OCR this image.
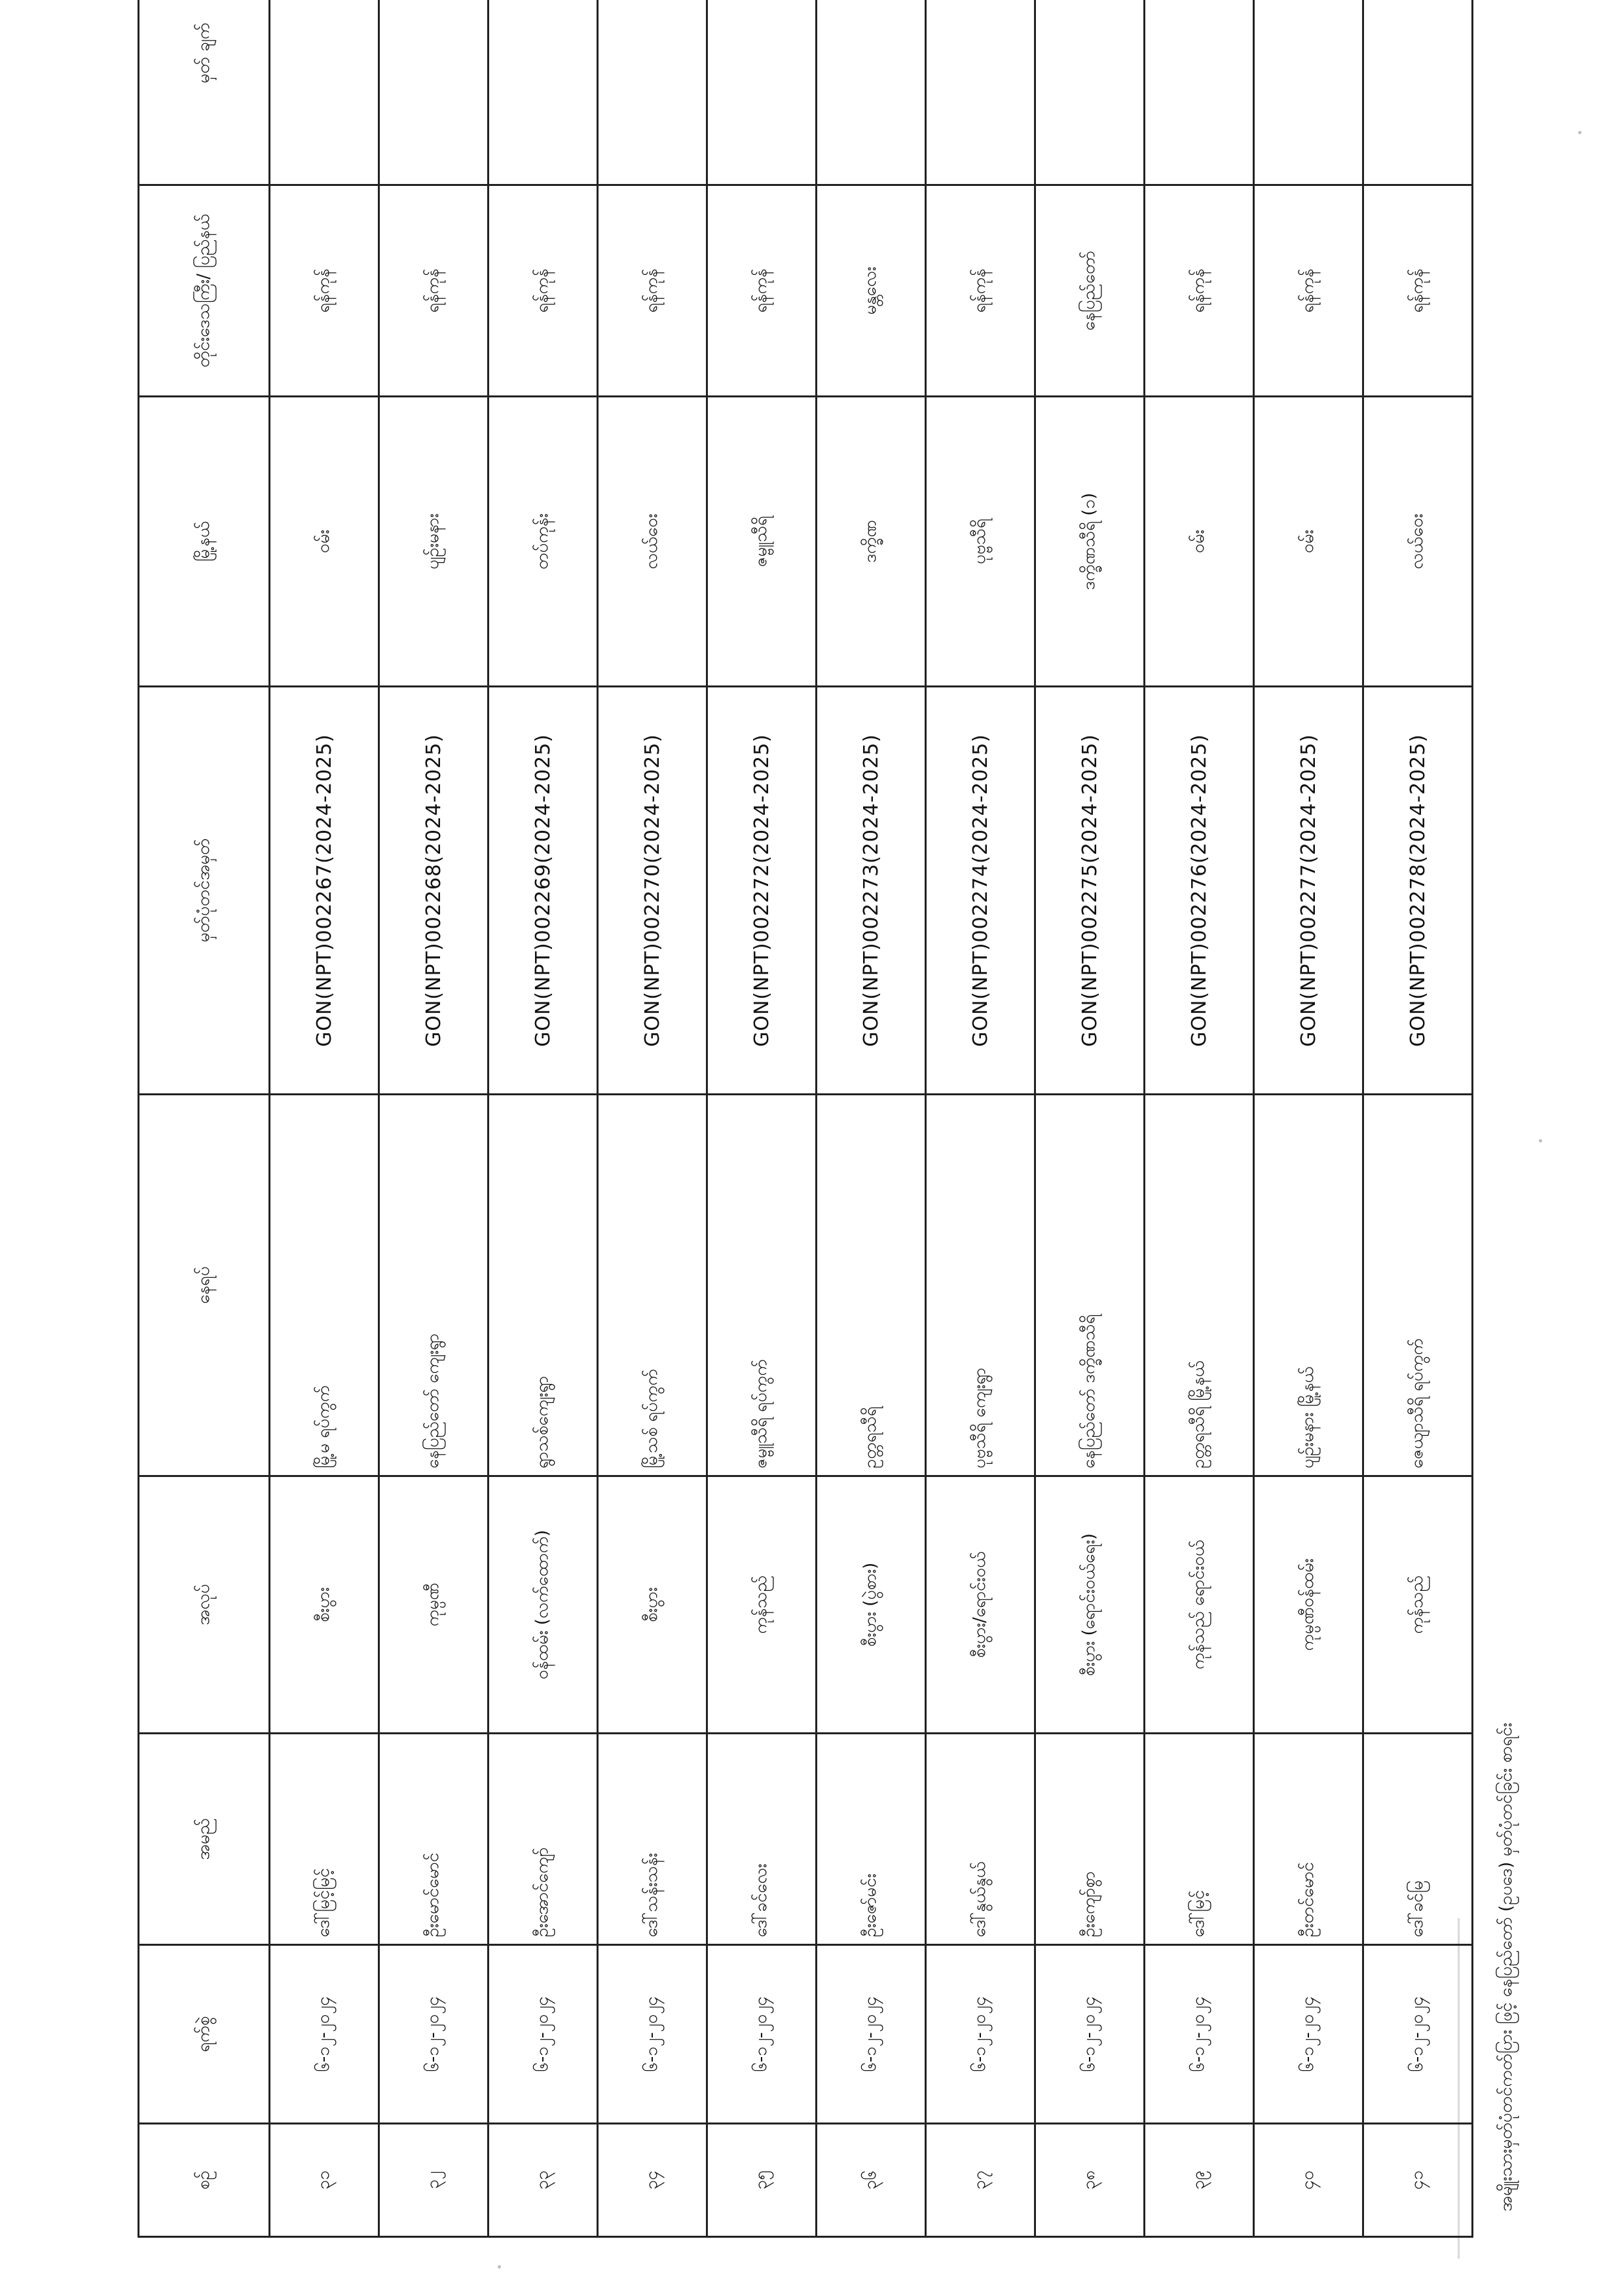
စဉ်	ရက်စွဲ	အမည်	အလုပ်	နေရပ်	မှတ်ပုံတင်အမှတ်	မြို့နယ်	တိုင်းဒေသကြီး/ ပြည်နယ်	မှတ် ချက်
၃၁	၆-၁၂-၂၀၂၄	ဒေါ်မြင့်မြင့်	စီးပွား	မြို့မ ရပ်ကွက်	GON(NPT)002267(2024-2025)	ဝမ်း	ရန်ကုန်	
၃၂	၆-၁၂-၂၀၂၄	ဦးမောင်မောင်	ကုမ္ပဏီ	နေပြည်တော် ကျေးရွာ	GON(NPT)002268(2024-2025)	ပျဉ်းမနား	ရန်ကုန်	
၃၃	၆-၁၂-၂၀၂၄	ဦးအောင်ကျော်	ဝန်ထမ်း (လက်ထောက်)	ရွာသစ်ကျေးရွာ	GON(NPT)002269(2024-2025)	တပ်ကုန်း	ရန်ကုန်	
၃၄	၆-၁၂-၂၀၂၄	ဒေါ်သန်းသန်း	စီးပွား	မြို့သစ် ရပ်ကွက်	GON(NPT)002270(2024-2025)	လယ်ဝေး	ရန်ကုန်	
၃၅	၆-၁၂-၂၀၂၄	ဒေါ်ခင်လေး	ကုန်သည်	ဇမ္ဗူသီရိ ရပ်ကွက်	GON(NPT)002272(2024-2025)	ဇမ္ဗူသီရိ	ရန်ကုန်	
၃၆	၆-၁၂-၂၀၂၄	ဦးဇော်မင်း	စီးပွား (ပွဲစား)	ဥတ္တရသီရိ	GON(NPT)002273(2024-2025)	ဒက္ခိဏ	မန္တလေး	
၃၇	၆-၁၂-၂၀၂၄	ဒေါ်နွယ်နွယ်	စီးပွား/ရောင်းဝယ်	ပုဗ္ဗသီရိ ကျေးရွာ	GON(NPT)002274(2024-2025)	ပုဗ္ဗသီရိ	ရန်ကုန်	
၃၈	၆-၁၂-၂၀၂၄	ဦးကျော်စွာ	စီးပွား (ရောင်းဝယ်ရေး)	နေပြည်တော် ဒက္ခိဏသီရိ	GON(NPT)002275(2024-2025)	ဒက္ခိဏသီရိ (၁)	နေပြည်တော်	
၃၉	၆-၁၂-၂၀၂၄	ဒေါ်မြင့်	ကုန်သည် ရောင်းဝယ်	ဥတ္တရသီရိ မြို့နယ်	GON(NPT)002276(2024-2025)	ဝမ်း	ရန်ကုန်	
၄၀	၆-၁၂-၂၀၂၄	ဦးတင်မောင်	ကုမ္ပဏီဝန်ထမ်း	ပျဉ်းမနား မြို့နယ်	GON(NPT)002277(2024-2025)	ဝမ်း	ရန်ကုန်	
၄၁	၆-၁၂-၂၀၂၄	ဒေါ်ခင်မြ	ကုန်သည်	ဇေယျာသီရိ ရပ်ကွက်	GON(NPT)002278(2024-2025)	လယ်ဝေး	ရန်ကုန်	
အမျိုးသားမှတ်ပုံတင်ကတ်ပြား ဖြင့် နေပြည်တော် (ဥပဒေ) မှတ်ပုံတင်ခြင်း စာရင်း
